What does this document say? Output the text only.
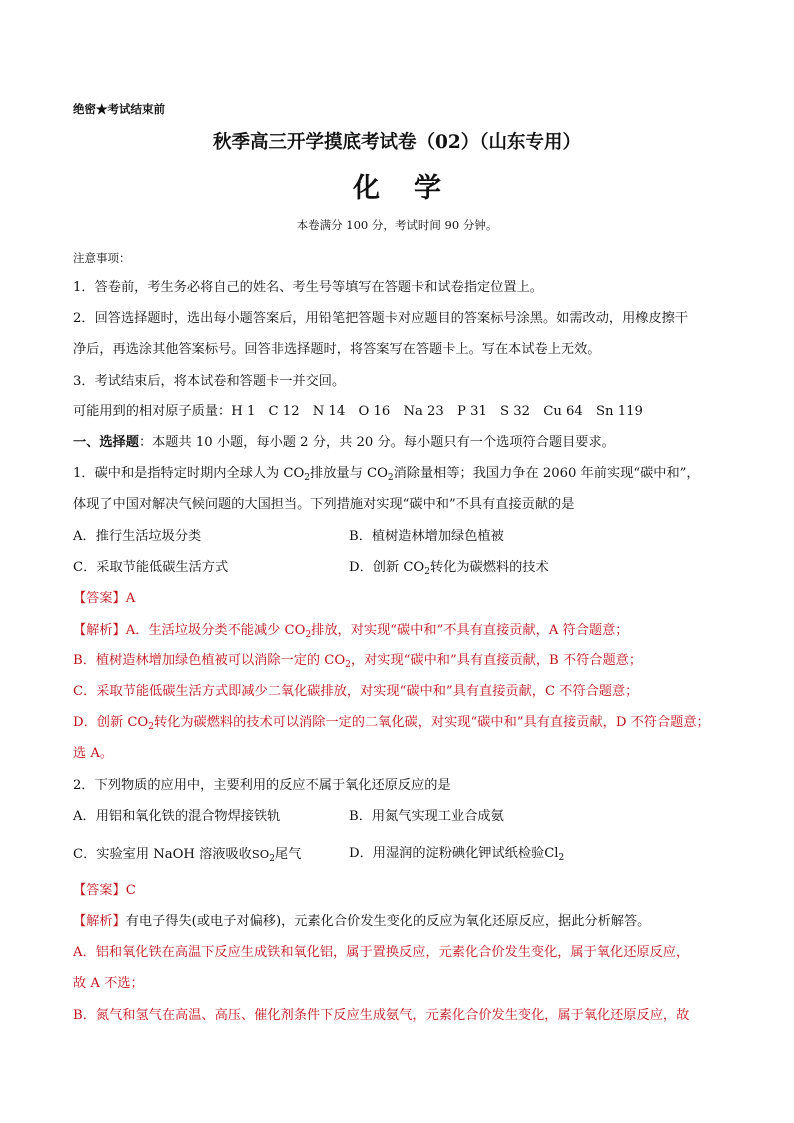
绝密★考试结束前
秋季高三开学摸底考试卷（02）（山东专用）
化学
本卷满分 100 分，考试时间 90 分钟。
注意事项：
1．答卷前，考生务必将自己的姓名、考生号等填写在答题卡和试卷指定位置上。
2．回答选择题时，选出每小题答案后，用铅笔把答题卡对应题目的答案标号涂黑。如需改动，用橡皮擦干
净后，再选涂其他答案标号。回答非选择题时，将答案写在答题卡上。写在本试卷上无效。
3．考试结束后，将本试卷和答题卡一并交回。
可能用到的相对原子质量：H 1　C 12　N 14　O 16　Na 23　P 31　S 32　Cu 64　Sn 119
一、选择题：本题共 10 小题，每小题 2 分，共 20 分。每小题只有一个选项符合题目要求。
1．碳中和是指特定时期内全球人为 $CO_2$排放量与 $CO_2$消除量相等；我国力争在 2060 年前实现“碳中和”，
体现了中国对解决气候问题的大国担当。下列措施对实现“碳中和”不具有直接贡献的是
A．推行生活垃圾分类	B．植树造林增加绿色植被
C．采取节能低碳生活方式	D．创新 $CO_2$转化为碳燃料的技术
【答案】A
【解析】A．生活垃圾分类不能减少 $CO_2$排放，对实现“碳中和”不具有直接贡献，A 符合题意；
B．植树造林增加绿色植被可以消除一定的 $CO_2$，对实现“碳中和”具有直接贡献，B 不符合题意；
C．采取节能低碳生活方式即减少二氧化碳排放，对实现“碳中和”具有直接贡献，C 不符合题意；
D．创新 $CO_2$转化为碳燃料的技术可以消除一定的二氧化碳，对实现“碳中和”具有直接贡献，D 不符合题意；
选 A。
2．下列物质的应用中，主要利用的反应不属于氧化还原反应的是
A．用铝和氧化铁的混合物焊接铁轨	B．用氮气实现工业合成氨
C．实验室用 NaOH 溶液吸收$SO_2$尾气	D．用湿润的淀粉碘化钾试纸检验$Cl_2$
【答案】C
【解析】有电子得失(或电子对偏移)，元素化合价发生变化的反应为氧化还原反应，据此分析解答。
A．铝和氧化铁在高温下反应生成铁和氧化铝，属于置换反应，元素化合价发生变化，属于氧化还原反应，
故 A 不选；
B．氮气和氢气在高温、高压、催化剂条件下反应生成氨气，元素化合价发生变化，属于氧化还原反应，故
